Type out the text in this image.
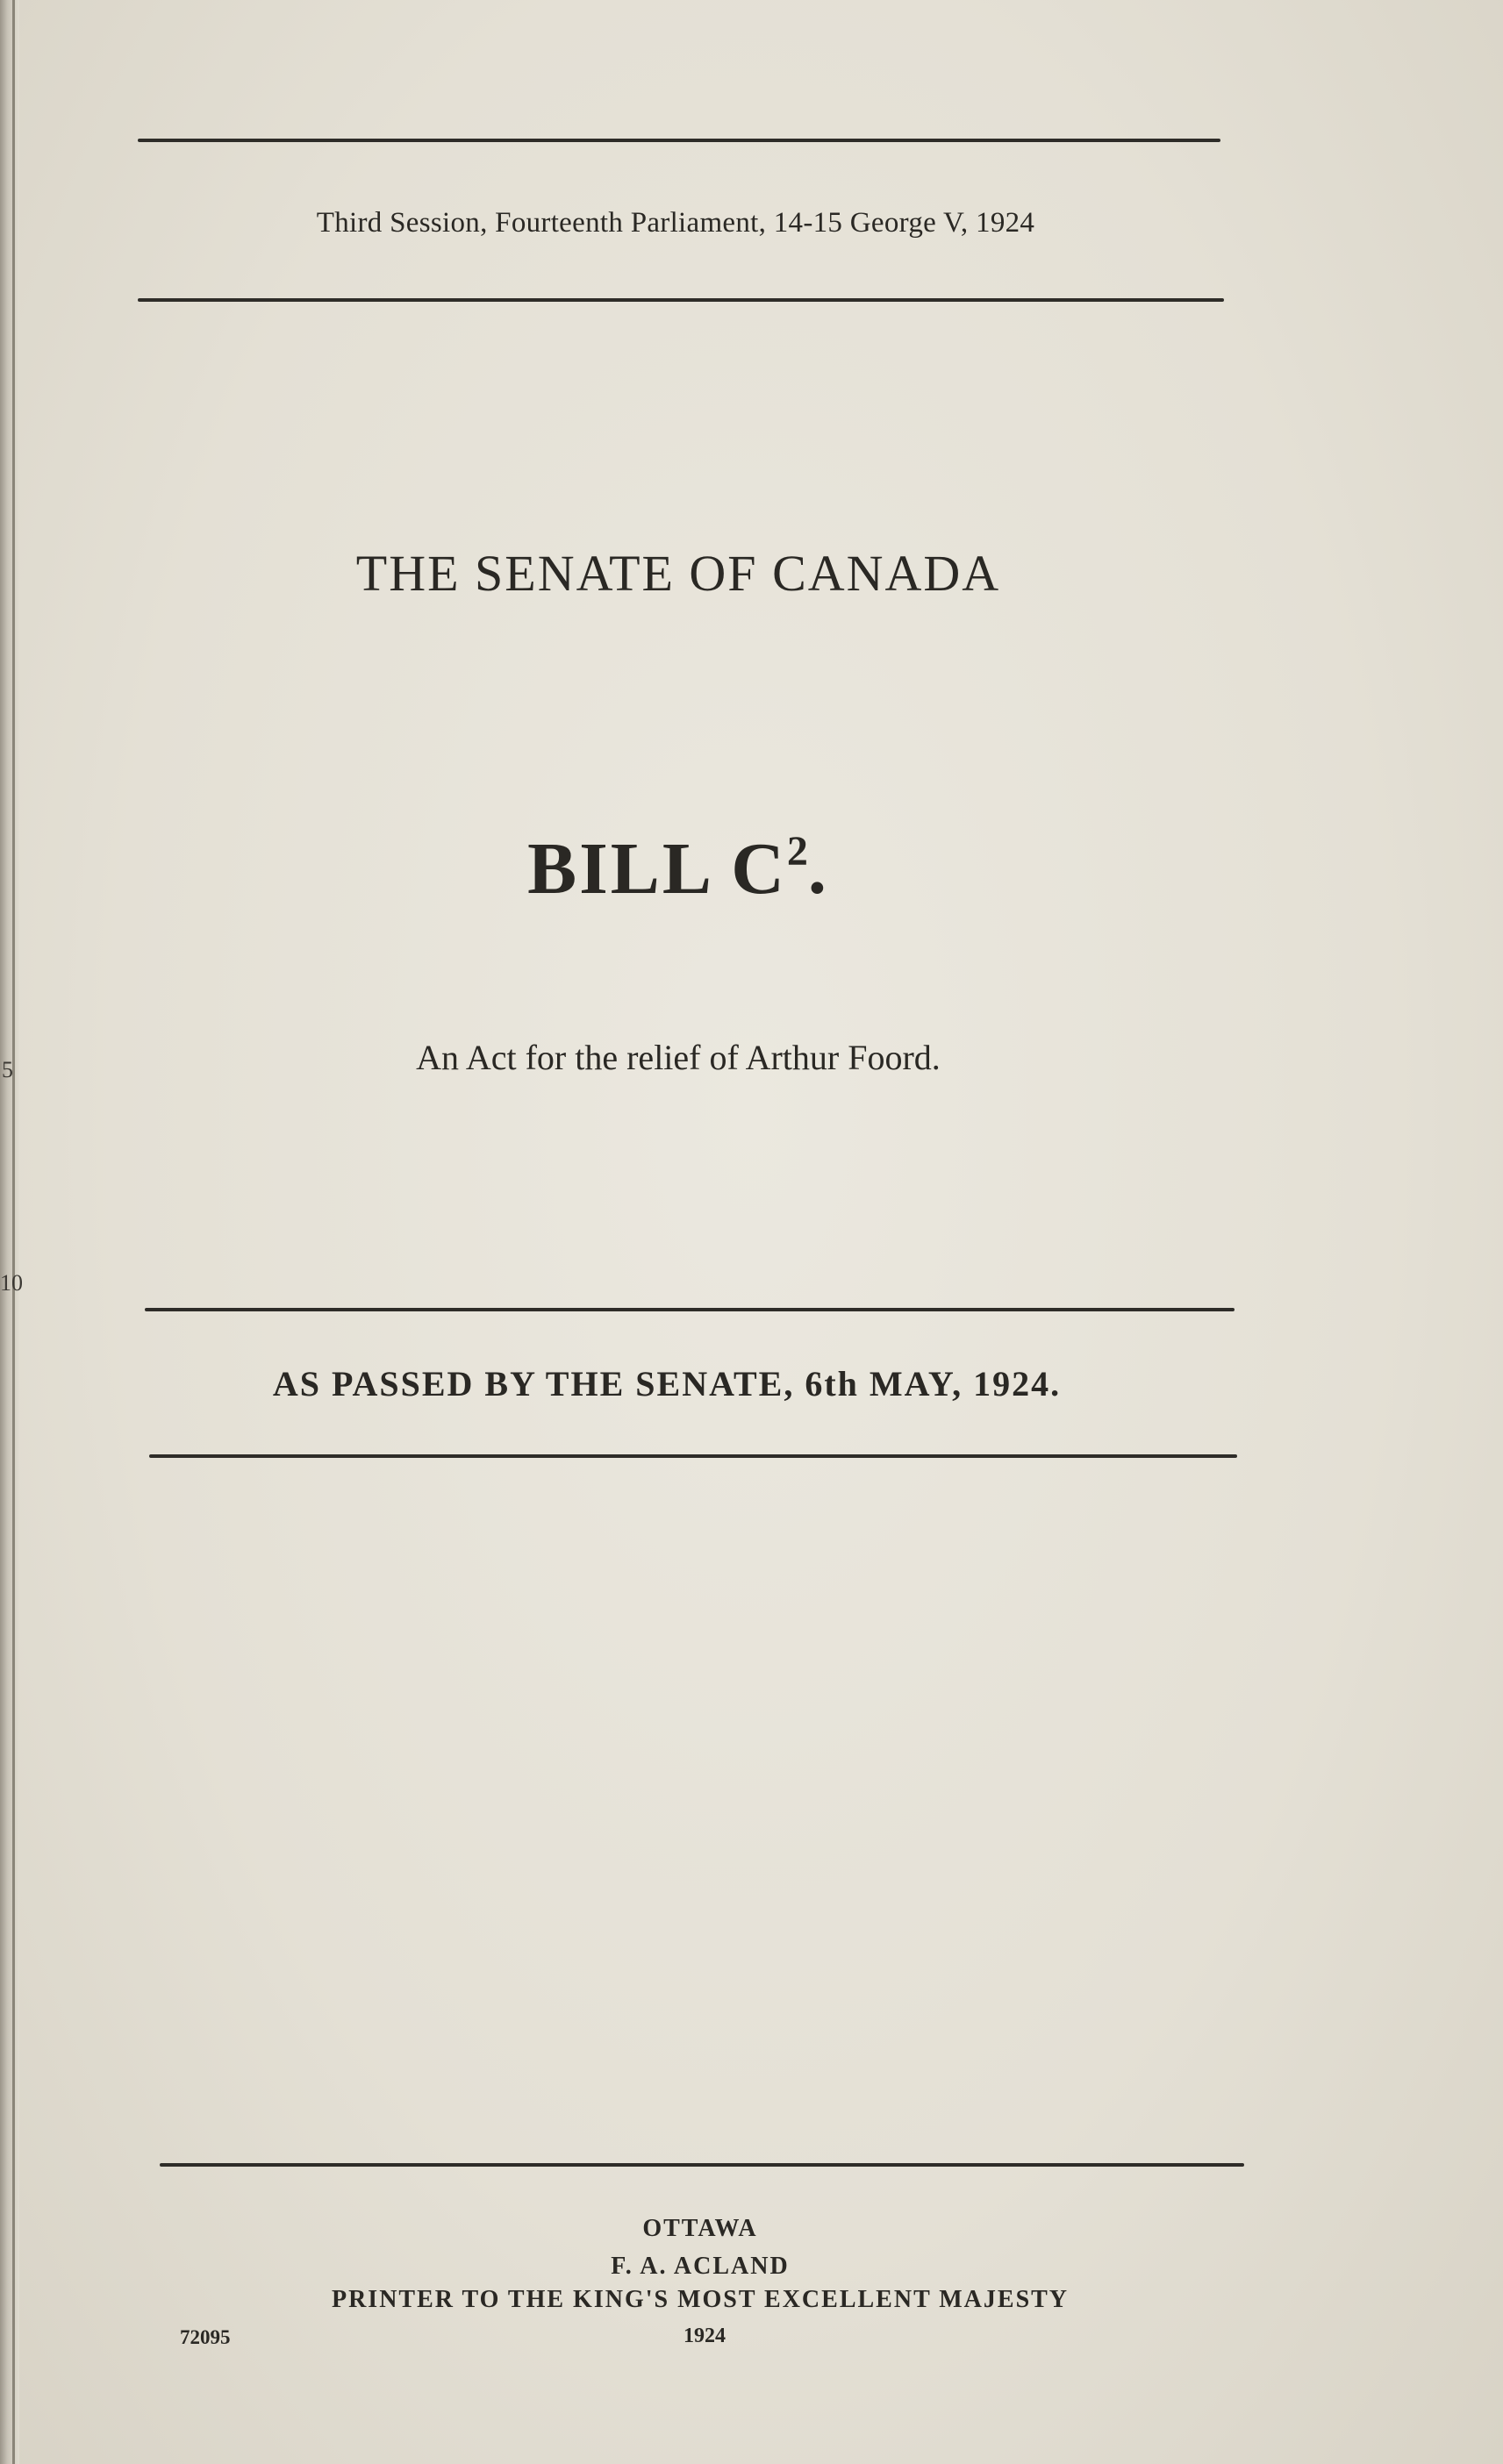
5
10
Third Session, Fourteenth Parliament, 14-15 George V, 1924
THE SENATE OF CANADA
BILL $C^2$.
An Act for the relief of Arthur Foord.
AS PASSED BY THE SENATE, 6th MAY, 1924.
OTTAWA
F. A. ACLAND
PRINTER TO THE KING'S MOST EXCELLENT MAJESTY
1924
72095
